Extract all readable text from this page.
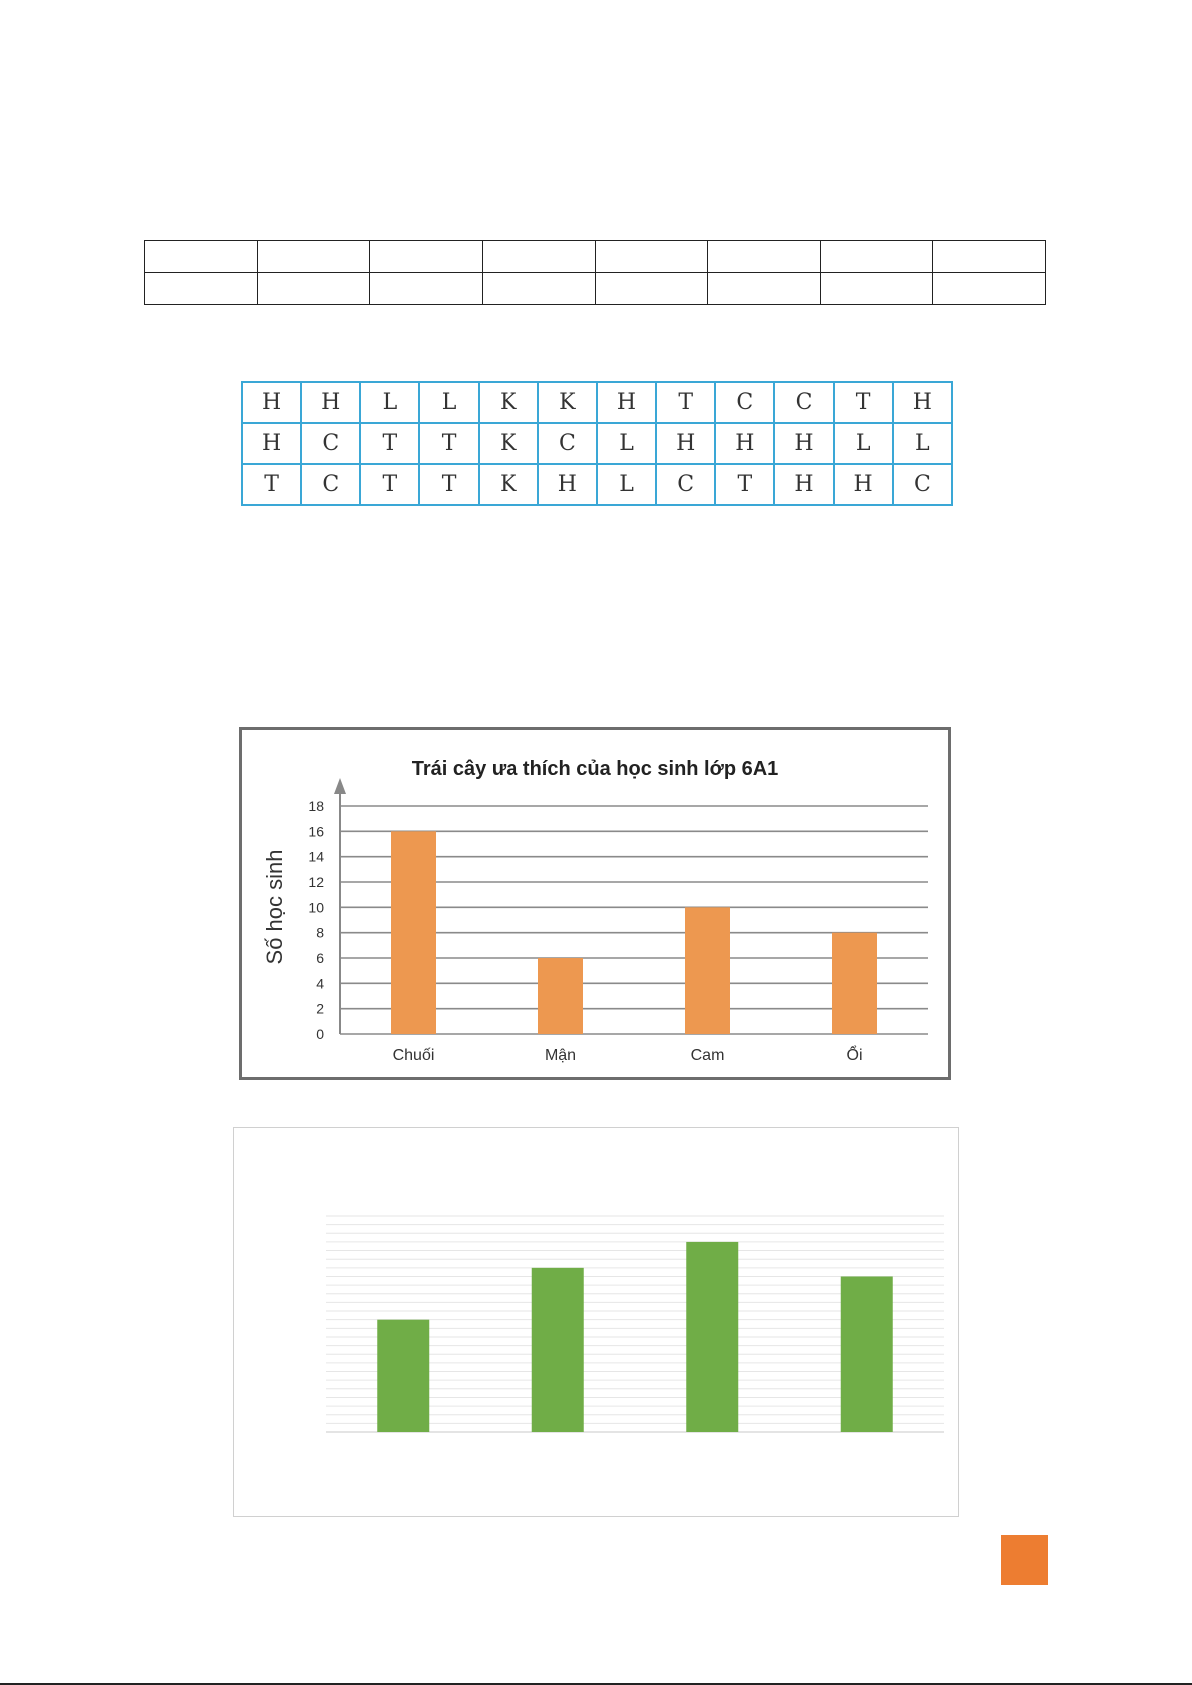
H	H	L	L	K	K	H	T	C	C	T	H
H	C	T	T	K	C	L	H	H	H	L	L
T	C	T	T	K	H	L	C	T	H	H	C
Trái cây ưa thích của học sinh lớp 6A1
Số học sinh
0
2
4
6
8
10
12
14
16
18
Chuối	Mận	Cam	Ổi
